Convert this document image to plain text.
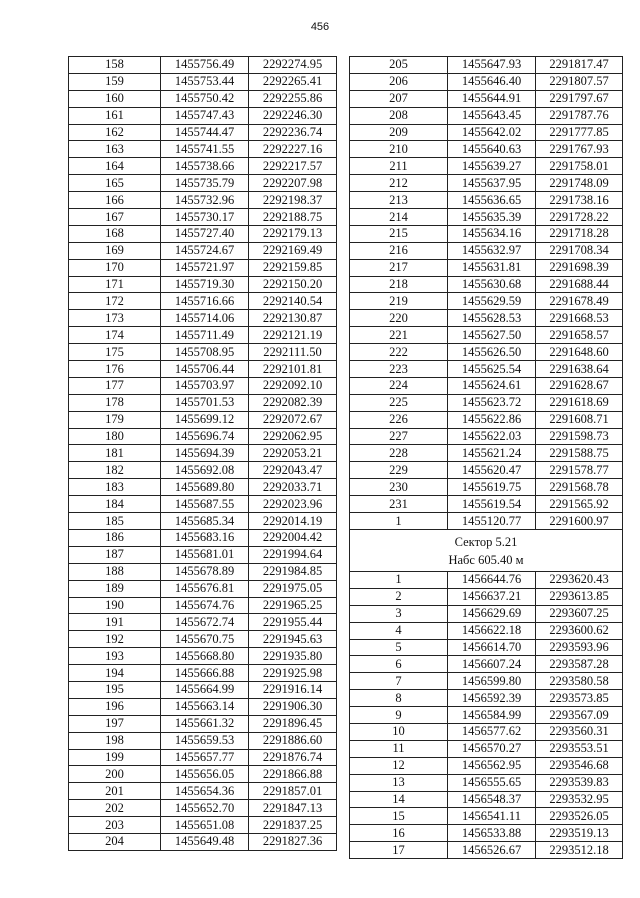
456
158	1455756.49	2292274.95
159	1455753.44	2292265.41
160	1455750.42	2292255.86
161	1455747.43	2292246.30
162	1455744.47	2292236.74
163	1455741.55	2292227.16
164	1455738.66	2292217.57
165	1455735.79	2292207.98
166	1455732.96	2292198.37
167	1455730.17	2292188.75
168	1455727.40	2292179.13
169	1455724.67	2292169.49
170	1455721.97	2292159.85
171	1455719.30	2292150.20
172	1455716.66	2292140.54
173	1455714.06	2292130.87
174	1455711.49	2292121.19
175	1455708.95	2292111.50
176	1455706.44	2292101.81
177	1455703.97	2292092.10
178	1455701.53	2292082.39
179	1455699.12	2292072.67
180	1455696.74	2292062.95
181	1455694.39	2292053.21
182	1455692.08	2292043.47
183	1455689.80	2292033.71
184	1455687.55	2292023.96
185	1455685.34	2292014.19
186	1455683.16	2292004.42
187	1455681.01	2291994.64
188	1455678.89	2291984.85
189	1455676.81	2291975.05
190	1455674.76	2291965.25
191	1455672.74	2291955.44
192	1455670.75	2291945.63
193	1455668.80	2291935.80
194	1455666.88	2291925.98
195	1455664.99	2291916.14
196	1455663.14	2291906.30
197	1455661.32	2291896.45
198	1455659.53	2291886.60
199	1455657.77	2291876.74
200	1455656.05	2291866.88
201	1455654.36	2291857.01
202	1455652.70	2291847.13
203	1455651.08	2291837.25
204	1455649.48	2291827.36
205	1455647.93	2291817.47
206	1455646.40	2291807.57
207	1455644.91	2291797.67
208	1455643.45	2291787.76
209	1455642.02	2291777.85
210	1455640.63	2291767.93
211	1455639.27	2291758.01
212	1455637.95	2291748.09
213	1455636.65	2291738.16
214	1455635.39	2291728.22
215	1455634.16	2291718.28
216	1455632.97	2291708.34
217	1455631.81	2291698.39
218	1455630.68	2291688.44
219	1455629.59	2291678.49
220	1455628.53	2291668.53
221	1455627.50	2291658.57
222	1455626.50	2291648.60
223	1455625.54	2291638.64
224	1455624.61	2291628.67
225	1455623.72	2291618.69
226	1455622.86	2291608.71
227	1455622.03	2291598.73
228	1455621.24	2291588.75
229	1455620.47	2291578.77
230	1455619.75	2291568.78
231	1455619.54	2291565.92
1	1455120.77	2291600.97

Сектор 5.21
Набс 605.40 м		

1	1456644.76	2293620.43
2	1456637.21	2293613.85
3	1456629.69	2293607.25
4	1456622.18	2293600.62
5	1456614.70	2293593.96
6	1456607.24	2293587.28
7	1456599.80	2293580.58
8	1456592.39	2293573.85
9	1456584.99	2293567.09
10	1456577.62	2293560.31
11	1456570.27	2293553.51
12	1456562.95	2293546.68
13	1456555.65	2293539.83
14	1456548.37	2293532.95
15	1456541.11	2293526.05
16	1456533.88	2293519.13
17	1456526.67	2293512.18
